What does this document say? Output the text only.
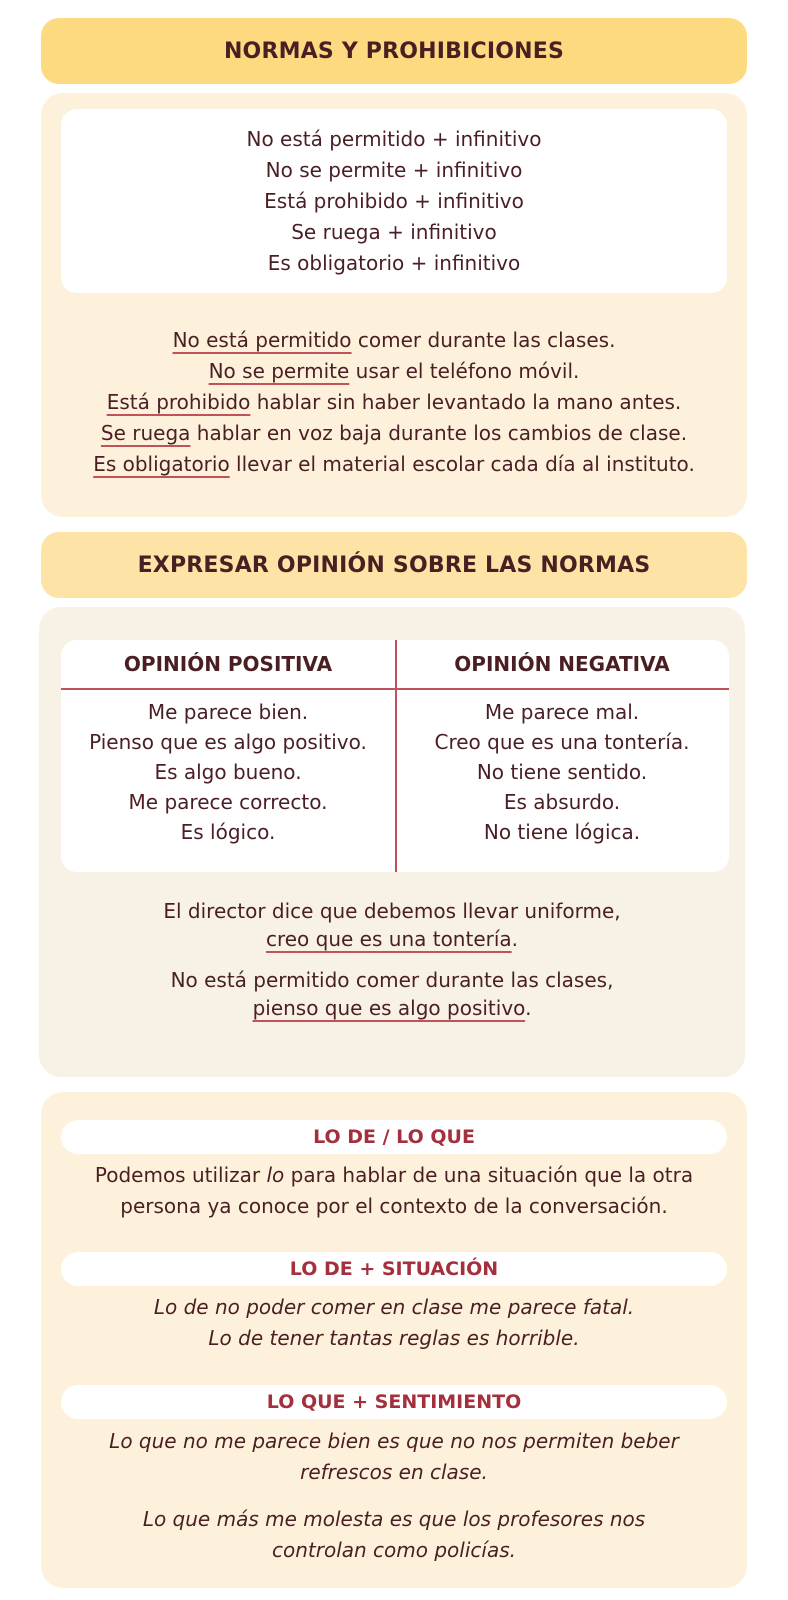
NORMAS Y PROHIBICIONES
No está permitido + infinitivo
No se permite + infinitivo
Está prohibido + infinitivo
Se ruega + infinitivo
Es obligatorio + infinitivo
No está permitido comer durante las clases.
No se permite usar el teléfono móvil.
Está prohibido hablar sin haber levantado la mano antes.
Se ruega hablar en voz baja durante los cambios de clase.
Es obligatorio llevar el material escolar cada día al instituto.
EXPRESAR OPINIÓN SOBRE LAS NORMAS
OPINIÓN POSITIVA	OPINIÓN NEGATIVA
Me parece bien.
Pienso que es algo positivo.
Es algo bueno.
Me parece correcto.
Es lógico.
Me parece mal.
Creo que es una tontería.
No tiene sentido.
Es absurdo.
No tiene lógica.
El director dice que debemos llevar uniforme,
creo que es una tontería.
No está permitido comer durante las clases,
pienso que es algo positivo.
LO DE / LO QUE
Podemos utilizar lo para hablar de una situación que la otra
persona ya conoce por el contexto de la conversación.
LO DE + SITUACIÓN
Lo de no poder comer en clase me parece fatal.
Lo de tener tantas reglas es horrible.
LO QUE + SENTIMIENTO
Lo que no me parece bien es que no nos permiten beber
refrescos en clase.
Lo que más me molesta es que los profesores nos
controlan como policías.
